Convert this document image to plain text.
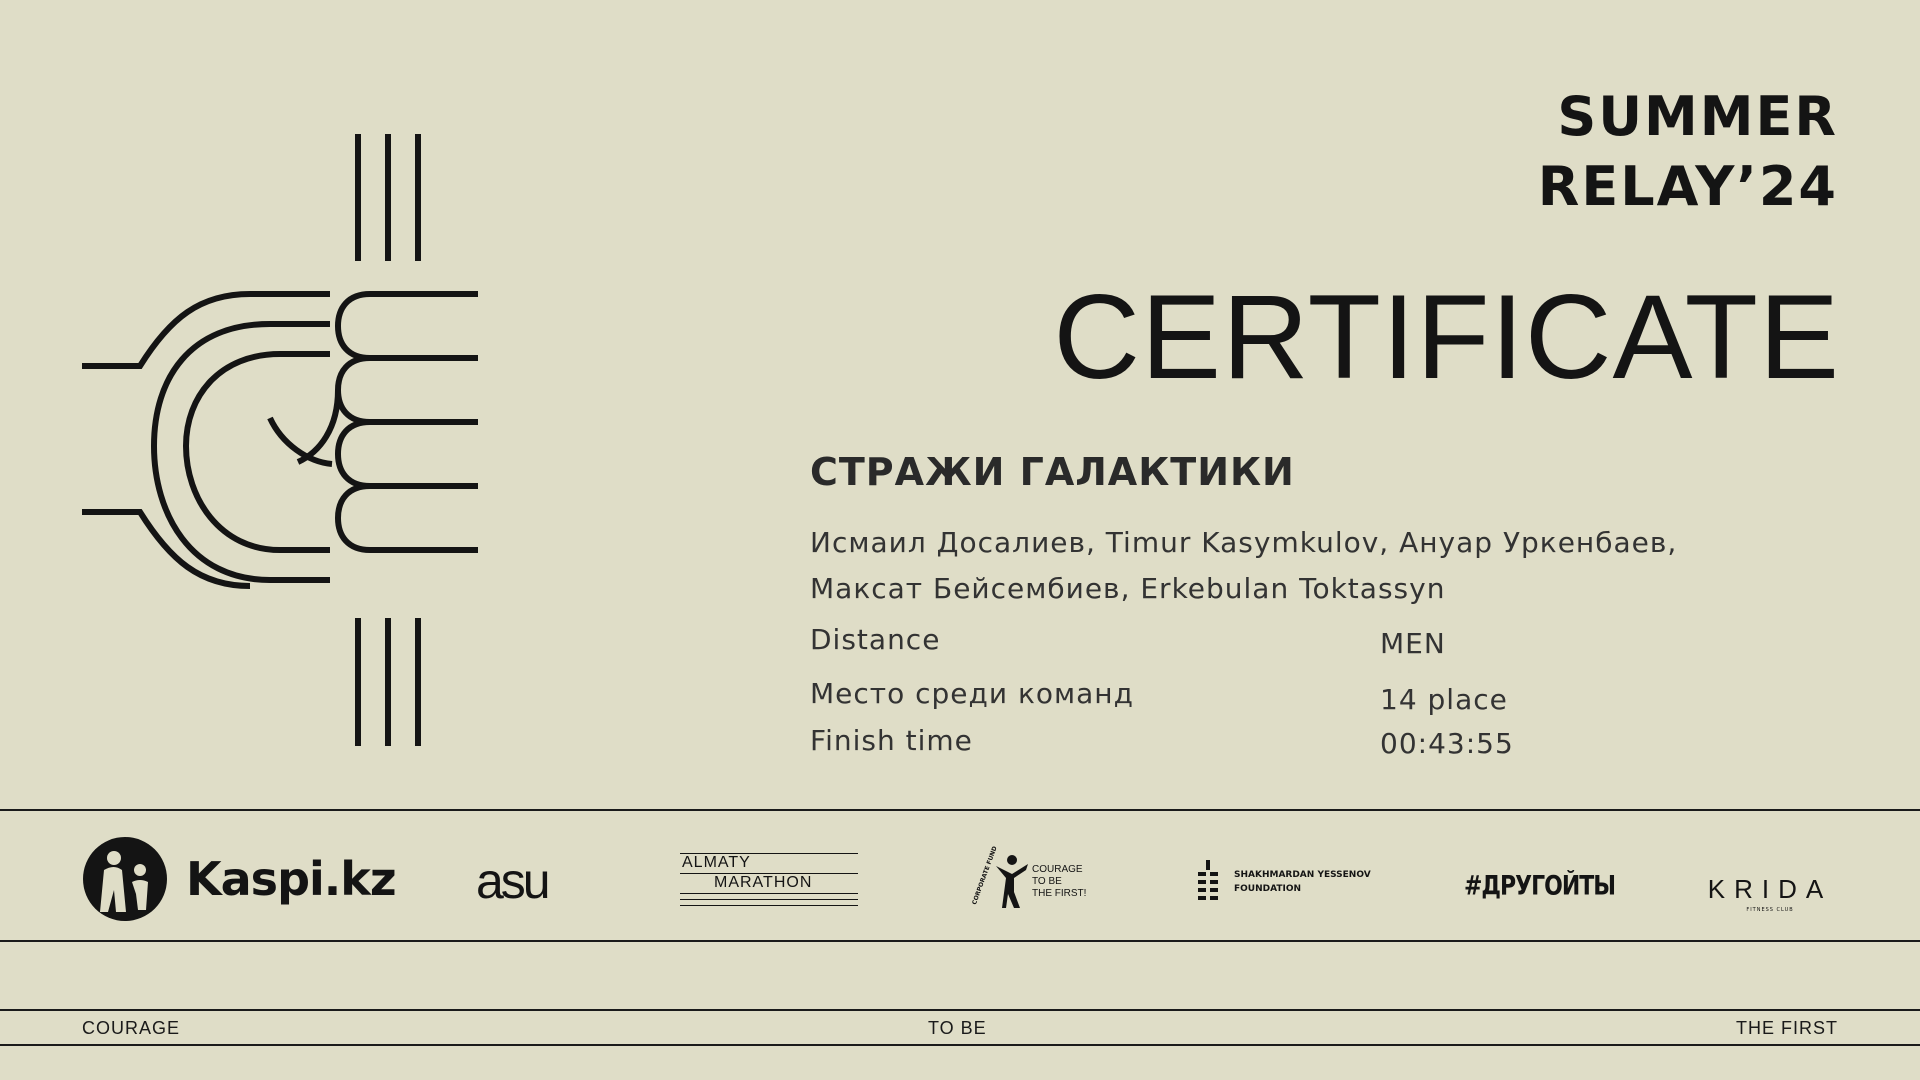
SUMMER
RELAY’24
CERTIFICATE
СТРАЖИ ГАЛАКТИКИ
Исмаил Досалиев, Timur Kasymkulov, Ануар Уркенбаев,
Максат Бейсембиев, Erkebulan Toktassyn
Distance	MEN
Место среди команд	14 place
Finish time	00:43:55
Kaspi.kz asu	ALMATY
MARATHON	CORPORATE FUND	COURAGE
TO BE
THE FIRST!
SHAKHMARDAN YESSENOV
FOUNDATION	#ДРУГОЙТЫ	KRIDA
FITNESS CLUB
COURAGE	TO BE	THE FIRST
